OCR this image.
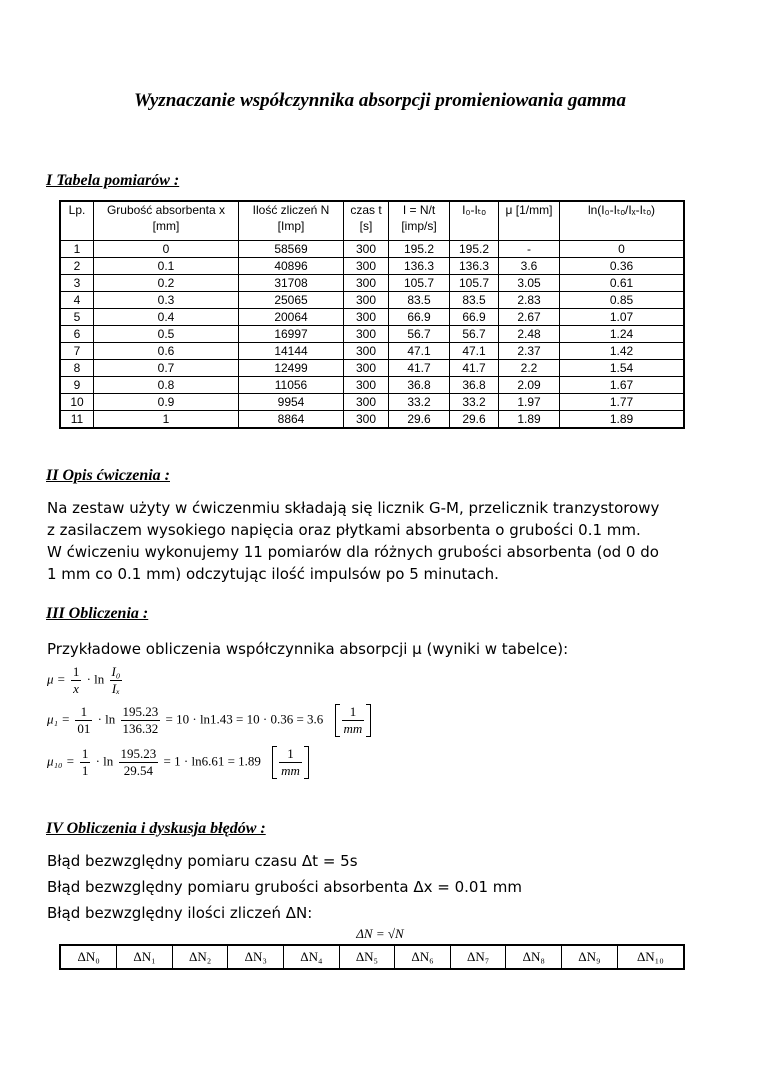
Wyznaczanie współczynnika absorpcji promieniowania gamma
I Tabela pomiarów :
Lp.	Grubość absorbenta x [mm]	Ilość zliczeń N [Imp]	czas t [s]	I = N/t [imp/s]	I₀-Iₜₒ	μ [1/mm]	ln(I₀-Iₜₒ/Iₓ-Iₜₒ)
1	0	58569	300	195.2	195.2	-	0
2	0.1	40896	300	136.3	136.3	3.6	0.36
3	0.2	31708	300	105.7	105.7	3.05	0.61
4	0.3	25065	300	83.5	83.5	2.83	0.85
5	0.4	20064	300	66.9	66.9	2.67	1.07
6	0.5	16997	300	56.7	56.7	2.48	1.24
7	0.6	14144	300	47.1	47.1	2.37	1.42
8	0.7	12499	300	41.7	41.7	2.2	1.54
9	0.8	11056	300	36.8	36.8	2.09	1.67
10	0.9	9954	300	33.2	33.2	1.97	1.77
11	1	8864	300	29.6	29.6	1.89	1.89
II Opis ćwiczenia :
Na zestaw użyty w ćwiczenmiu składają się licznik G-M, przelicznik tranzystorowy
z zasilaczem wysokiego napięcia oraz płytkami absorbenta o grubości 0.1 mm.
W ćwiczeniu wykonujemy 11 pomiarów dla różnych grubości absorbenta (od 0 do
1 mm co 0.1 mm) odczytując ilość impulsów po 5 minutach.
III Obliczenia :
Przykładowe obliczenia współczynnika absorpcji μ (wyniki w tabelce):
$\mu = \frac{1}{x} \cdot \ln \frac{\text{I₀}}{\text{Iₓ}}$
$\mu_1 = \frac{1}{01} \cdot \ln \frac{195.23}{136.32} = 10 \cdot \ln 1.43 = 10 \cdot 0.36 = 3.6 \frac{1}{mm}$
$\mu_{10} = \frac{1}{1} \cdot \ln \frac{195.23}{29.54} = 1 \cdot \ln 6.61 = 1.89 \frac{1}{mm}$
IV Obliczenia i dyskusja błędów :
Błąd bezwzględny pomiaru czasu Δt = 5s
Błąd bezwzględny pomiaru grubości absorbenta Δx = 0.01 mm
Błąd bezwzględny ilości zliczeń ΔN:
ΔN = √N
ΔN₀	ΔN₁	ΔN₂	ΔN₃	ΔN₄	ΔN₅	ΔN₆	ΔN₇	ΔN₈	ΔN₉	ΔN₁₀
